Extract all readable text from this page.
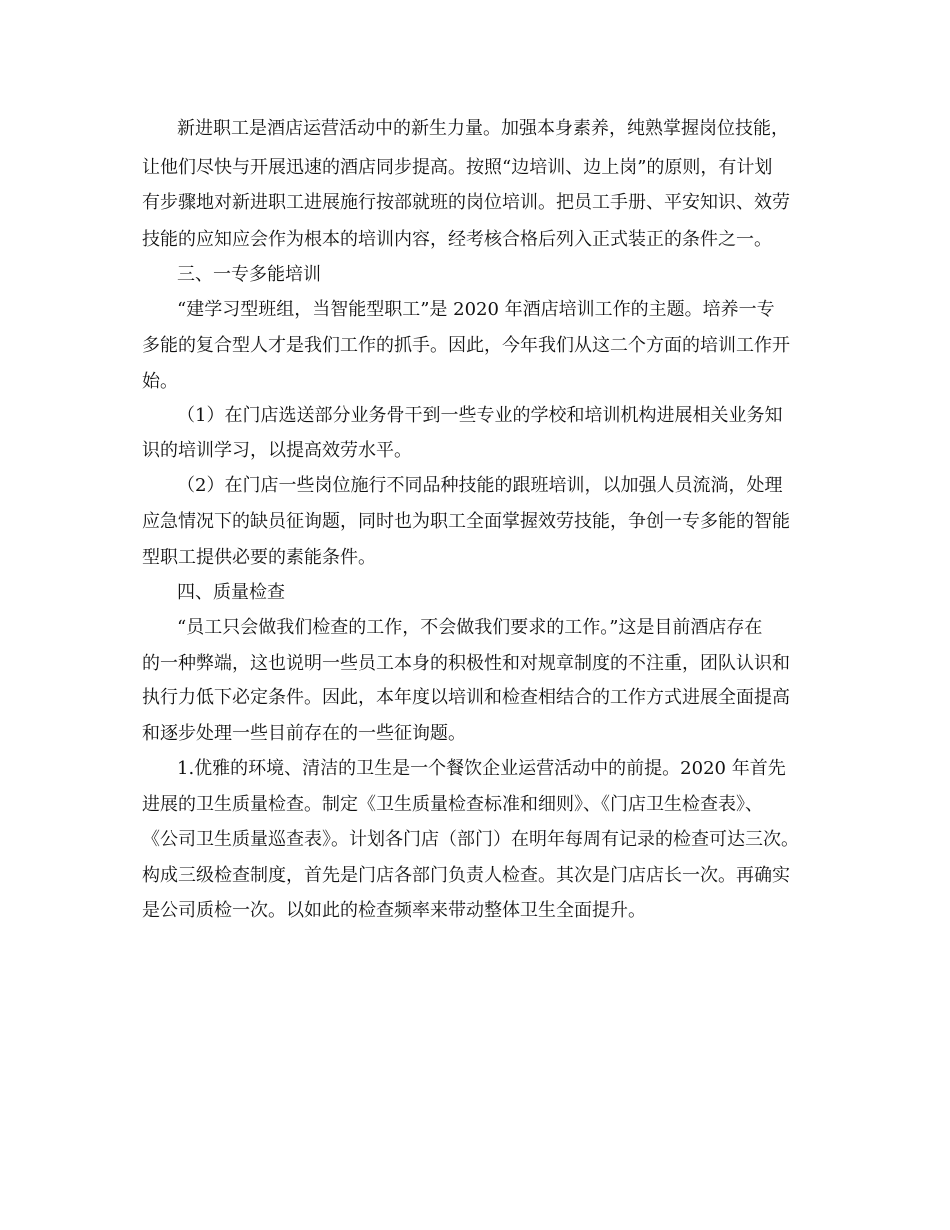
新进职工是酒店运营活动中的新生力量。加强本身素养，纯熟掌握岗位技能，

让他们尽快与开展迅速的酒店同步提高。按照“边培训、边上岗”的原则，有计划

有步骤地对新进职工进展施行按部就班的岗位培训。把员工手册、平安知识、效劳

技能的应知应会作为根本的培训内容，经考核合格后列入正式装正的条件之一。

三、一专多能培训

“建学习型班组，当智能型职工”是 2020 年酒店培训工作的主题。培养一专

多能的复合型人才是我们工作的抓手。因此，今年我们从这二个方面的培训工作开

始。

（1）在门店选送部分业务骨干到一些专业的学校和培训机构进展相关业务知

识的培训学习，以提高效劳水平。

（2）在门店一些岗位施行不同品种技能的跟班培训，以加强人员流淌，处理

应急情况下的缺员征询题，同时也为职工全面掌握效劳技能，争创一专多能的智能

型职工提供必要的素能条件。

四、质量检查

“员工只会做我们检查的工作，不会做我们要求的工作。”这是目前酒店存在

的一种弊端，这也说明一些员工本身的积极性和对规章制度的不注重，团队认识和

执行力低下必定条件。因此，本年度以培训和检查相结合的工作方式进展全面提高

和逐步处理一些目前存在的一些征询题。

1.优雅的环境、清洁的卫生是一个餐饮企业运营活动中的前提。2020 年首先

进展的卫生质量检查。制定《卫生质量检查标准和细则》、《门店卫生检查表》、

《公司卫生质量巡查表》。计划各门店（部门）在明年每周有记录的检查可达三次。

构成三级检查制度，首先是门店各部门负责人检查。其次是门店店长一次。再确实

是公司质检一次。以如此的检查频率来带动整体卫生全面提升。
